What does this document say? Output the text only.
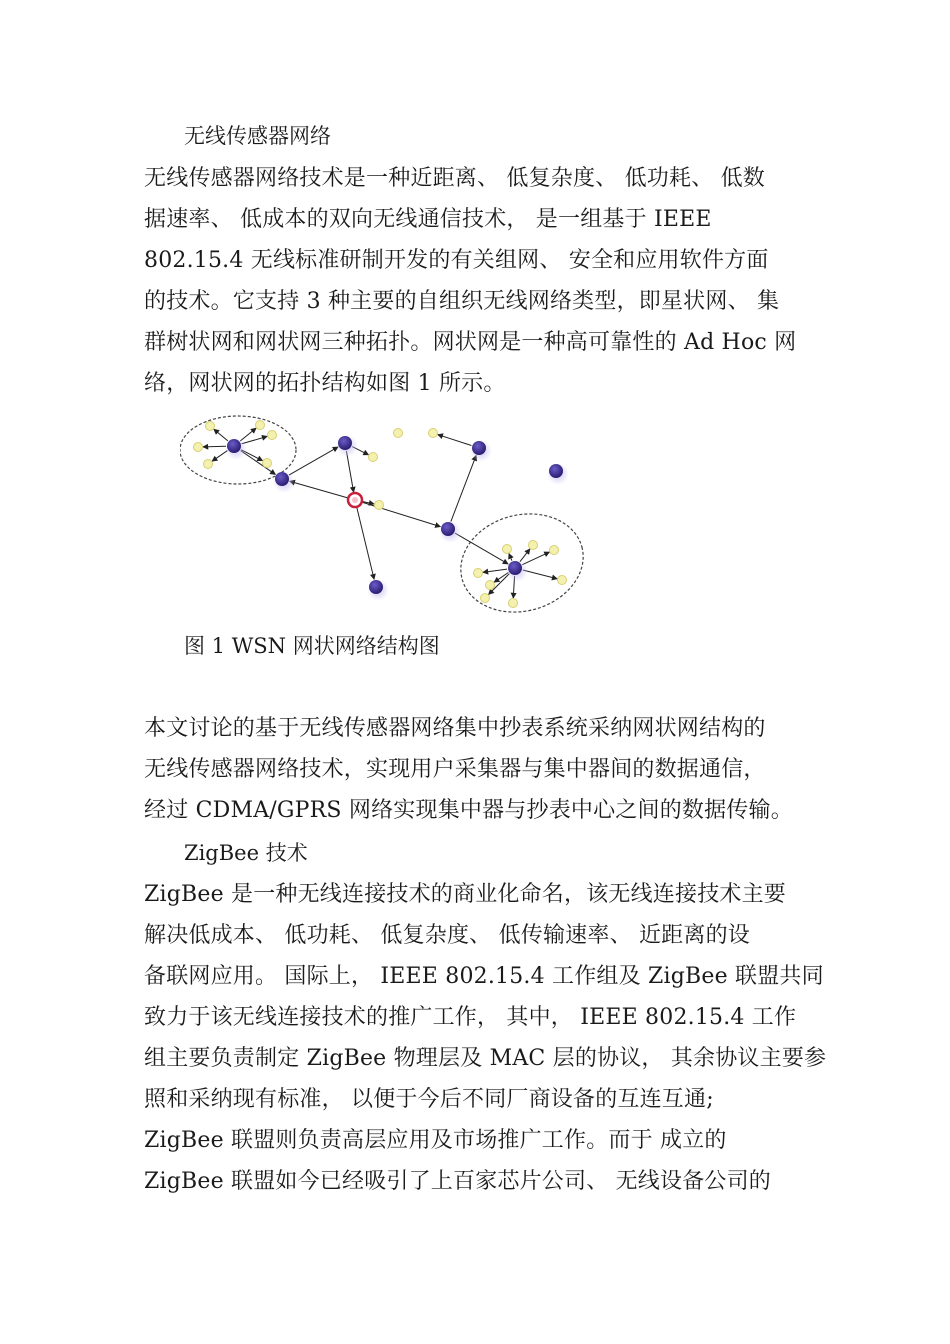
无线传感器网络
无线传感器网络技术是一种近距离、 低复杂度、 低功耗、 低数
据速率、 低成本的双向无线通信技术， 是一组基于 IEEE
802.15.4 无线标准研制开发的有关组网、 安全和应用软件方面
的技术。它支持 3 种主要的自组织无线网络类型，即星状网、 集
群树状网和网状网三种拓扑。网状网是一种高可靠性的 Ad Hoc 网
络，网状网的拓扑结构如图 1 所示。
图 1 WSN 网状网络结构图
本文讨论的基于无线传感器网络集中抄表系统采纳网状网结构的
无线传感器网络技术，实现用户采集器与集中器间的数据通信，
经过 CDMA/GPRS 网络实现集中器与抄表中心之间的数据传输。
ZigBee 技术
ZigBee 是一种无线连接技术的商业化命名，该无线连接技术主要
解决低成本、 低功耗、 低复杂度、 低传输速率、 近距离的设
备联网应用。 国际上， IEEE 802.15.4 工作组及 ZigBee 联盟共同
致力于该无线连接技术的推广工作， 其中， IEEE 802.15.4 工作
组主要负责制定 ZigBee 物理层及 MAC 层的协议， 其余协议主要参
照和采纳现有标准， 以便于今后不同厂商设备的互连互通;
ZigBee 联盟则负责高层应用及市场推广工作。而于 成立的
ZigBee 联盟如今已经吸引了上百家芯片公司、 无线设备公司的
